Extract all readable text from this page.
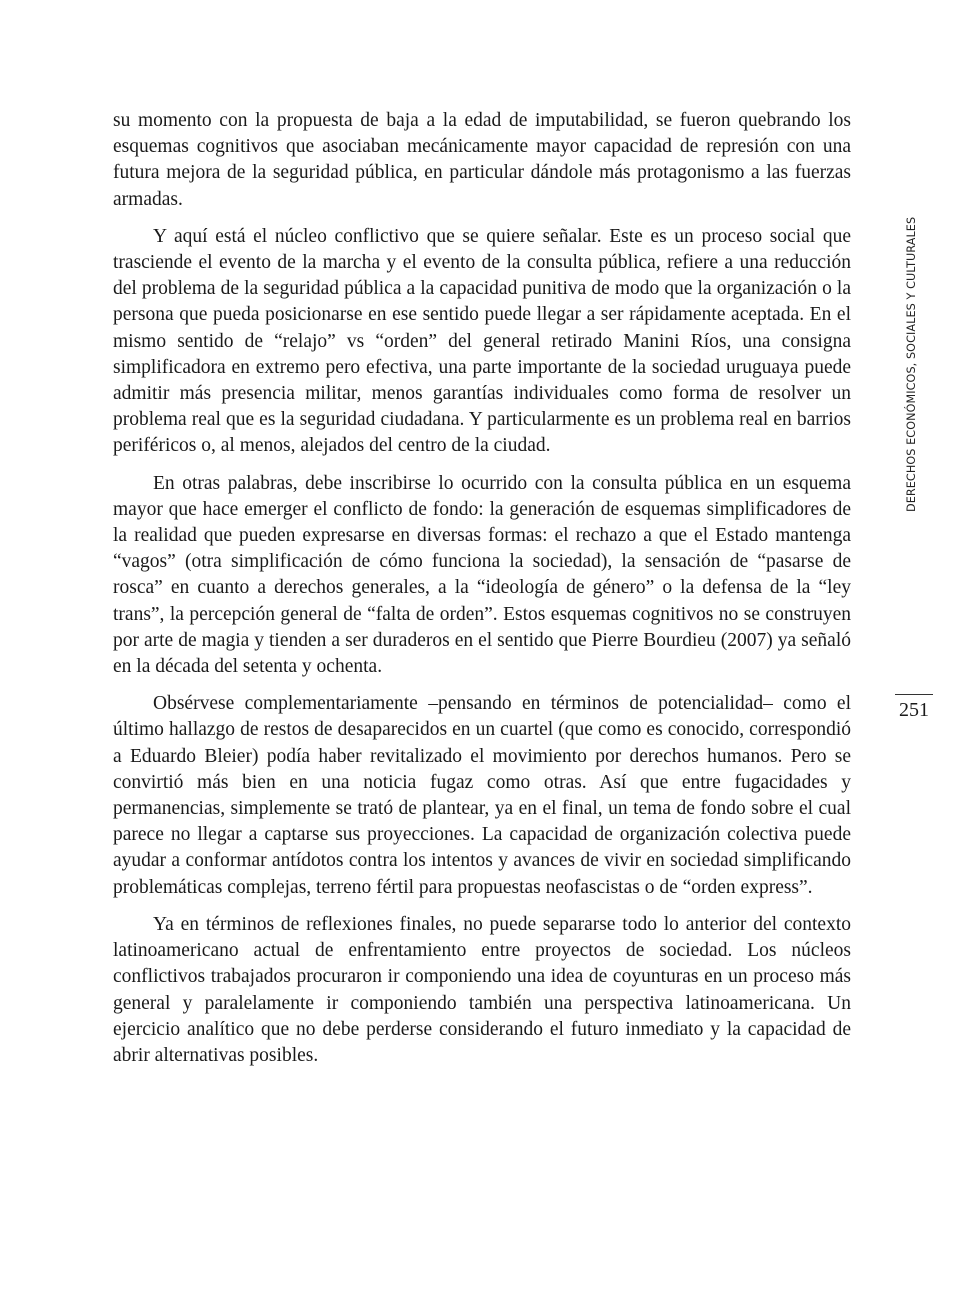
su momento con la propuesta de baja a la edad de imputabilidad, se fueron quebrando los esquemas cognitivos que asociaban mecánicamente mayor capacidad de represión con una futura mejora de la seguridad pública, en particular dándole más protagonismo a las fuerzas armadas.

Y aquí está el núcleo conflictivo que se quiere señalar. Este es un proceso social que trasciende el evento de la marcha y el evento de la consulta pública, refiere a una reducción del problema de la seguridad pública a la capacidad punitiva de modo que la organización o la persona que pueda posicionarse en ese sentido puede llegar a ser rápidamente aceptada. En el mismo sentido de “relajo” vs “orden” del general retirado Manini Ríos, una consigna simplificadora en extremo pero efectiva, una parte importante de la sociedad uruguaya puede admitir más presencia militar, menos garantías individuales como forma de resolver un problema real que es la seguridad ciudadana. Y particularmente es un problema real en barrios periféricos o, al menos, alejados del centro de la ciudad.

En otras palabras, debe inscribirse lo ocurrido con la consulta pública en un esquema mayor que hace emerger el conflicto de fondo: la generación de esquemas simplificadores de la realidad que pueden expresarse en diversas formas: el rechazo a que el Estado mantenga “vagos” (otra simplificación de cómo funciona la sociedad), la sensación de “pasarse de rosca” en cuanto a derechos generales, a la “ideología de género” o la defensa de la “ley trans”, la percepción general de “falta de orden”. Estos esquemas cognitivos no se construyen por arte de magia y tienden a ser duraderos en el sentido que Pierre Bourdieu (2007) ya señaló en la década del setenta y ochenta.

Obsérvese complementariamente –pensando en términos de potencialidad– como el último hallazgo de restos de desaparecidos en un cuartel (que como es conocido, correspondió a Eduardo Bleier) podía haber revitalizado el movimiento por derechos humanos. Pero se convirtió más bien en una noticia fugaz como otras. Así que entre fugacidades y permanencias, simplemente se trató de plantear, ya en el final, un tema de fondo sobre el cual parece no llegar a captarse sus proyecciones. La capacidad de organización colectiva puede ayudar a conformar antídotos contra los intentos y avances de vivir en sociedad simplificando problemáticas complejas, terreno fértil para propuestas neofascistas o de “orden express”.

Ya en términos de reflexiones finales, no puede separarse todo lo anterior del contexto latinoamericano actual de enfrentamiento entre proyectos de sociedad. Los núcleos conflictivos trabajados procuraron ir componiendo una idea de coyunturas en un proceso más general y paralelamente ir componiendo también una perspectiva latinoamericana. Un ejercicio analítico que no debe perderse considerando el futuro inmediato y la capacidad de abrir alternativas posibles.

DERECHOS ECONÓMICOS, SOCIALES Y CULTURALES
251
